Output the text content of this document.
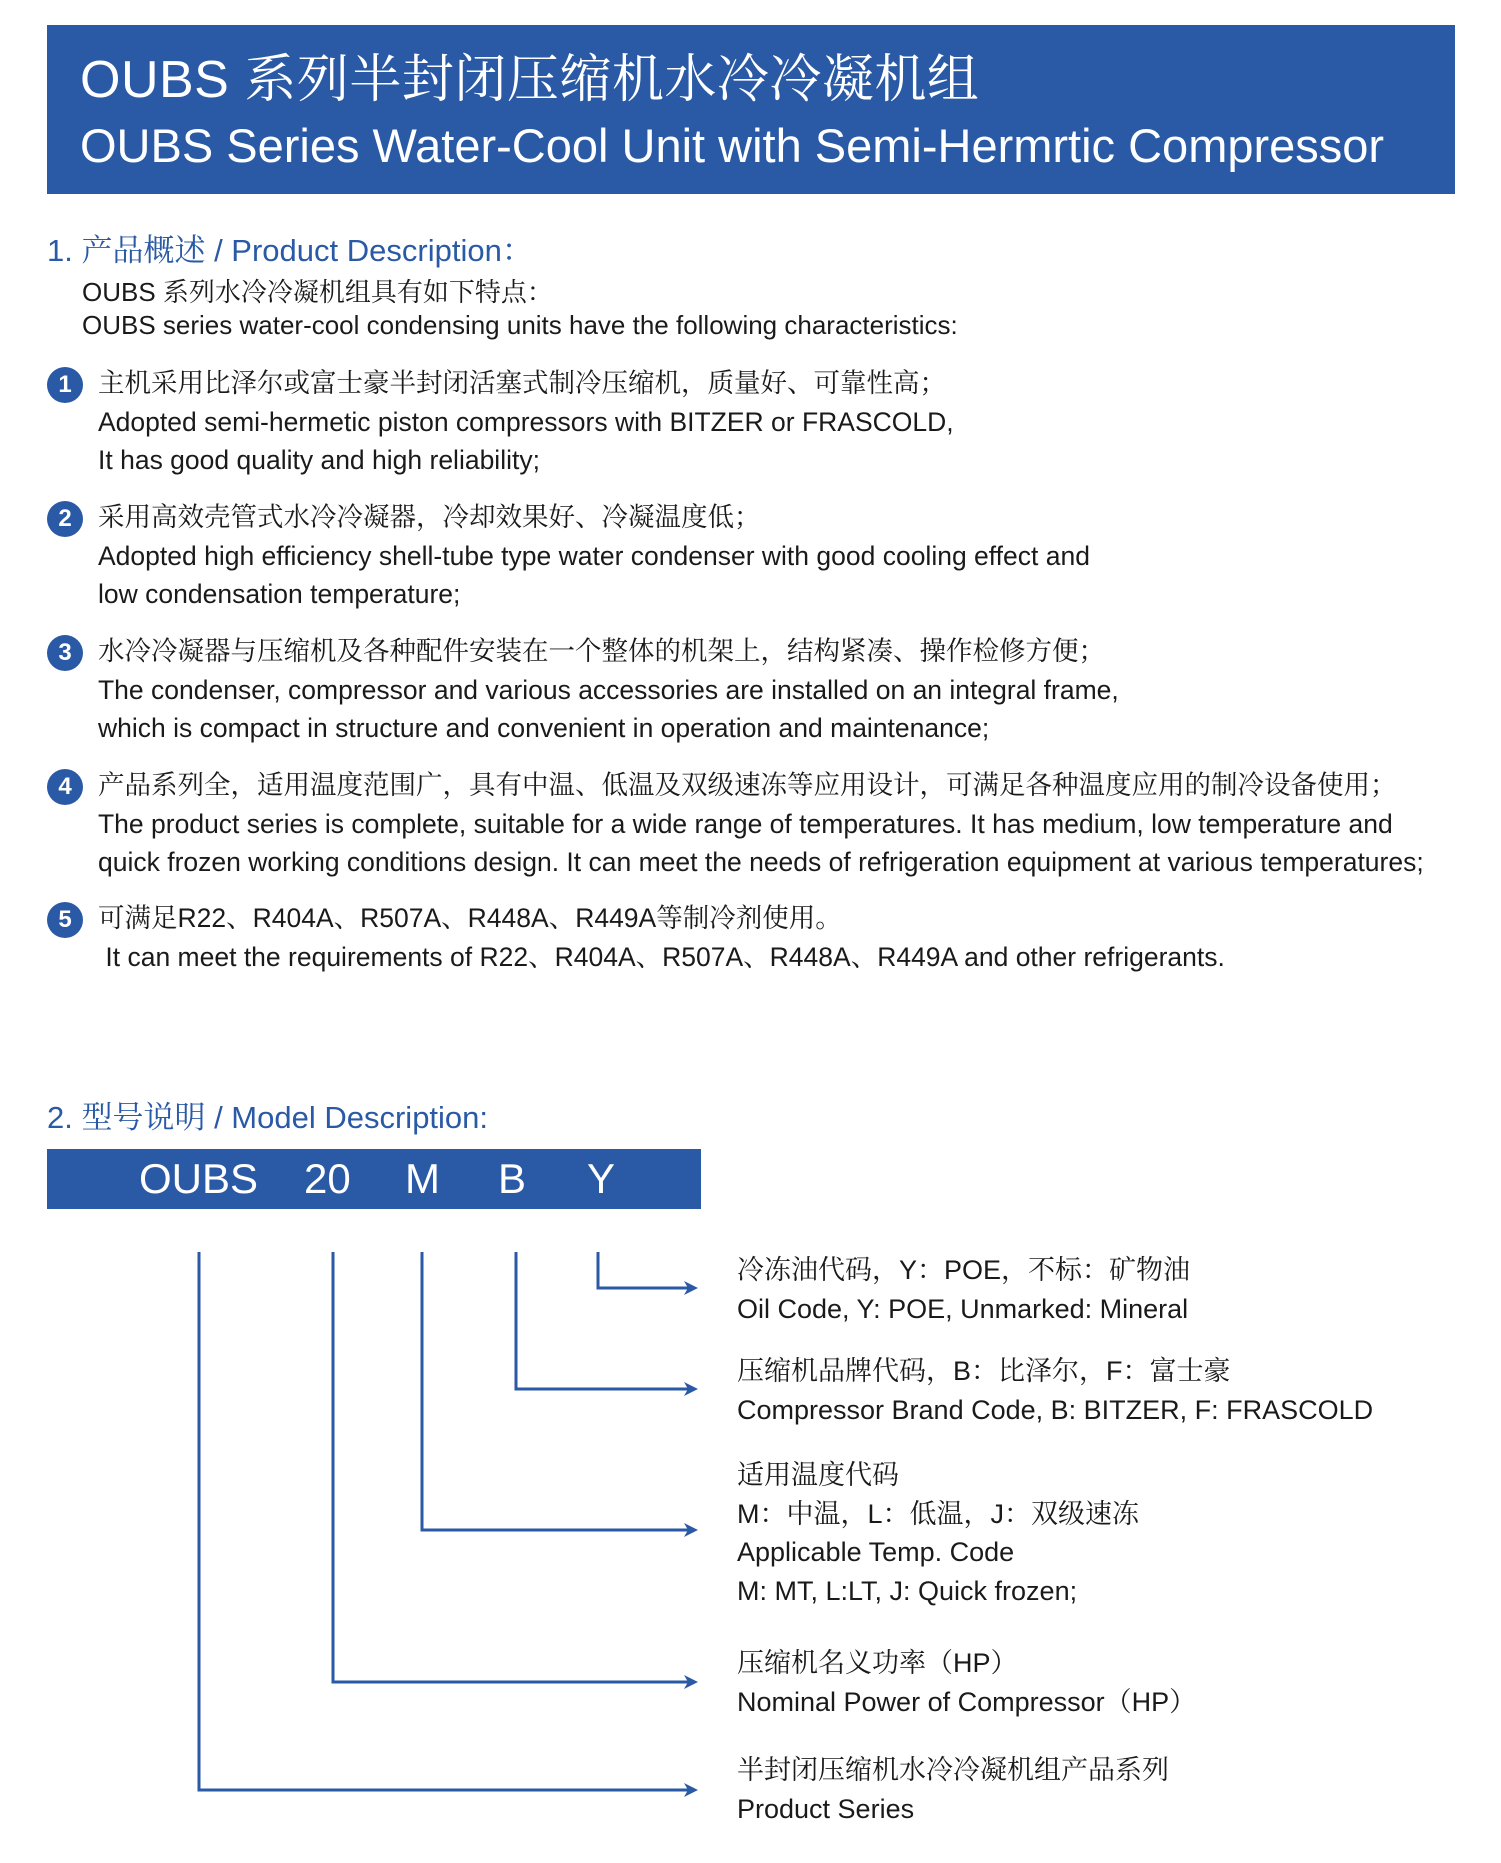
OUBS 系列半封闭压缩机水冷冷凝机组
OUBS Series Water-Cool Unit with Semi-Hermrtic Compressor
1. 产品概述 / Product Description：
OUBS 系列水冷冷凝机组具有如下特点：
OUBS series water-cool condensing units have the following characteristics:
1 主机采用比泽尔或富士豪半封闭活塞式制冷压缩机，质量好、可靠性高；
Adopted semi-hermetic piston compressors with BITZER or FRASCOLD,
It has good quality and high reliability;
2 采用高效壳管式水冷冷凝器，冷却效果好、冷凝温度低；
Adopted high efficiency shell-tube type water condenser with good cooling effect and
low condensation temperature;
3 水冷冷凝器与压缩机及各种配件安装在一个整体的机架上，结构紧凑、操作检修方便；
The condenser, compressor and various accessories are installed on an integral frame,
which is compact in structure and convenient in operation and maintenance;
4 产品系列全，适用温度范围广，具有中温、低温及双级速冻等应用设计，可满足各种温度应用的制冷设备使用；
The product series is complete, suitable for a wide range of temperatures. It has medium, low temperature and
quick frozen working conditions design. It can meet the needs of refrigeration equipment at various temperatures;
5 可满足R22、R404A、R507A、R448A、R449A等制冷剂使用。
It can meet the requirements of R22、R404A、R507A、R448A、R449A and other refrigerants.
2. 型号说明 / Model Description:
OUBS 20 M B Y
冷冻油代码，Y：POE，不标：矿物油
Oil Code, Y: POE, Unmarked: Mineral
压缩机品牌代码，B：比泽尔，F：富士豪
Compressor Brand Code, B: BITZER, F: FRASCOLD
适用温度代码
M：中温，L：低温，J：双级速冻
Applicable Temp. Code
M: MT, L:LT, J: Quick frozen;
压缩机名义功率（HP）
Nominal Power of Compressor（HP）
半封闭压缩机水冷冷凝机组产品系列
Product Series
